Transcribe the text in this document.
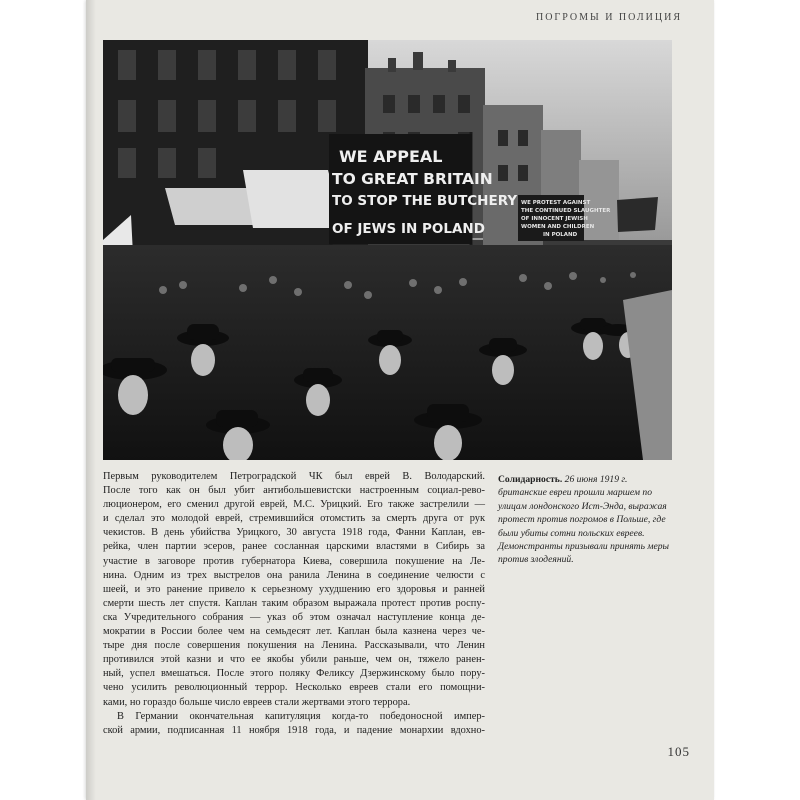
ПОГРОМЫ И ПОЛИЦИЯ
WE APPEAL
TO GREAT BRITAIN
TO STOP THE BUTCHERY
OF JEWS IN POLAND
WE PROTEST AGAINST
THE CONTINUED SLAUGHTER
OF INNOCENT JEWISH
WOMEN AND CHILDREN
IN POLAND
Первым руководителем Петроградской ЧК был еврей В. Володарский.
После того как он был убит антибольшевистски настроенным социал-рево-
люционером, его сменил другой еврей, М.С. Урицкий. Его также застрелили —
и сделал это молодой еврей, стремившийся отомстить за смерть друга от рук
чекистов. В день убийства Урицкого, 30 августа 1918 года, Фанни Каплан, ев-
рейка, член партии эсеров, ранее сосланная царскими властями в Сибирь за
участие в заговоре против губернатора Киева, совершила покушение на Ле-
нина. Одним из трех выстрелов она ранила Ленина в соединение челюсти с
шеей, и это ранение привело к серьезному ухудшению его здоровья и ранней
смерти шесть лет спустя. Каплан таким образом выражала протест против роспу-
ска Учредительного собрания — указ об этом означал наступление конца де-
мократии в России более чем на семьдесят лет. Каплан была казнена через че-
тыре дня после совершения покушения на Ленина. Рассказывали, что Ленин
противился этой казни и что ее якобы убили раньше, чем он, тяжело ранен-
ный, успел вмешаться. После этого поляку Феликсу Дзержинскому было пору-
чено усилить революционный террор. Несколько евреев стали его помощни-
ками, но гораздо больше число евреев стали жертвами этого террора.
В Германии окончательная капитуляция когда-то победоносной импер-
ской армии, подписанная 11 ноября 1918 года, и падение монархии вдохно-
Солидарность. 26 июня 1919 г. британские евреи прошли маршем по улицам лондонского Ист-Энда, выражая протест против погромов в Польше, где были убиты сотни польских евреев. Демонстранты призывали принять меры против злодеяний.
105
